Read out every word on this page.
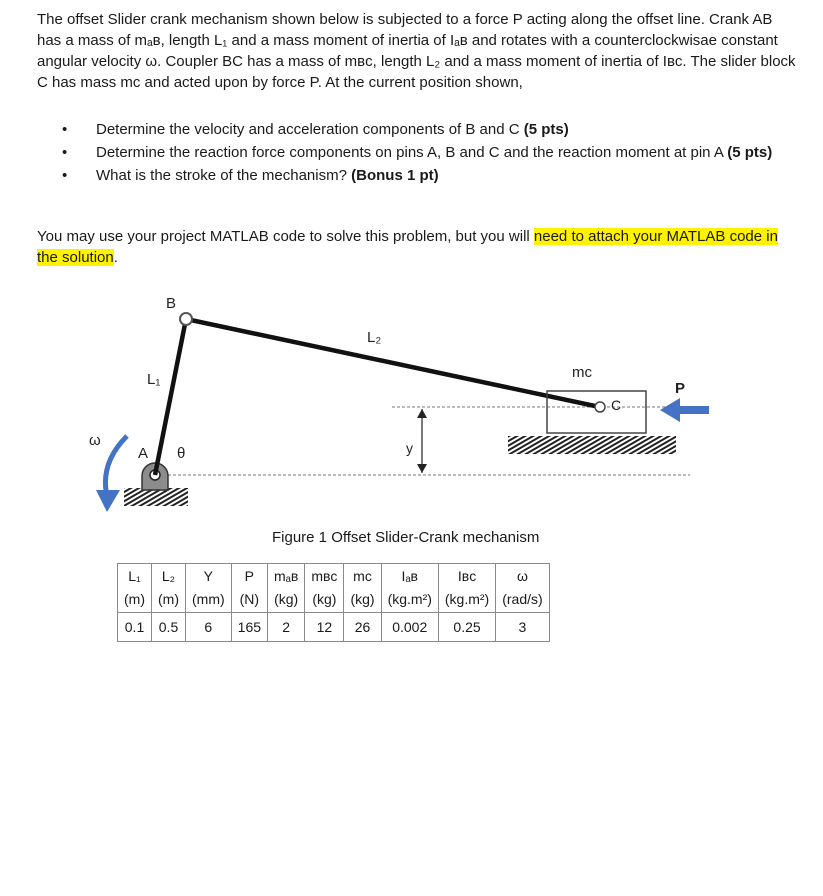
The offset Slider crank mechanism shown below is subjected to a force P acting along the offset line. Crank AB has a mass of mₐʙ, length L₁ and a mass moment of inertia of Iₐʙ and rotates with a counterclockwisae constant angular velocity ω. Coupler BC has a mass of mʙᴄ, length L₂ and a mass moment of inertia of Iʙᴄ. The slider block C has mass mᴄ and acted upon by force P. At the current position shown,
• Determine the velocity and acceleration components of B and C (5 pts)
• Determine the reaction force components on pins A, B and C and the reaction moment at pin A (5 pts)
• What is the stroke of the mechanism? (Bonus 1 pt)
You may use your project MATLAB code to solve this problem, but you will need to attach your MATLAB code in the solution.
B
L₁
L₂
A θ
ω	y
mᴄ
C
P
Figure 1 Offset Slider-Crank mechanism
L₁	L₂	Y	P	mₐʙ	mʙᴄ	mᴄ	Iₐʙ	Iʙᴄ	ω
(m)	(m)	(mm)	(N)	(kg)	(kg)	(kg)	(kg.m²)	(kg.m²)	(rad/s)
0.1	0.5	6	165	2	12	26	0.002	0.25	3
